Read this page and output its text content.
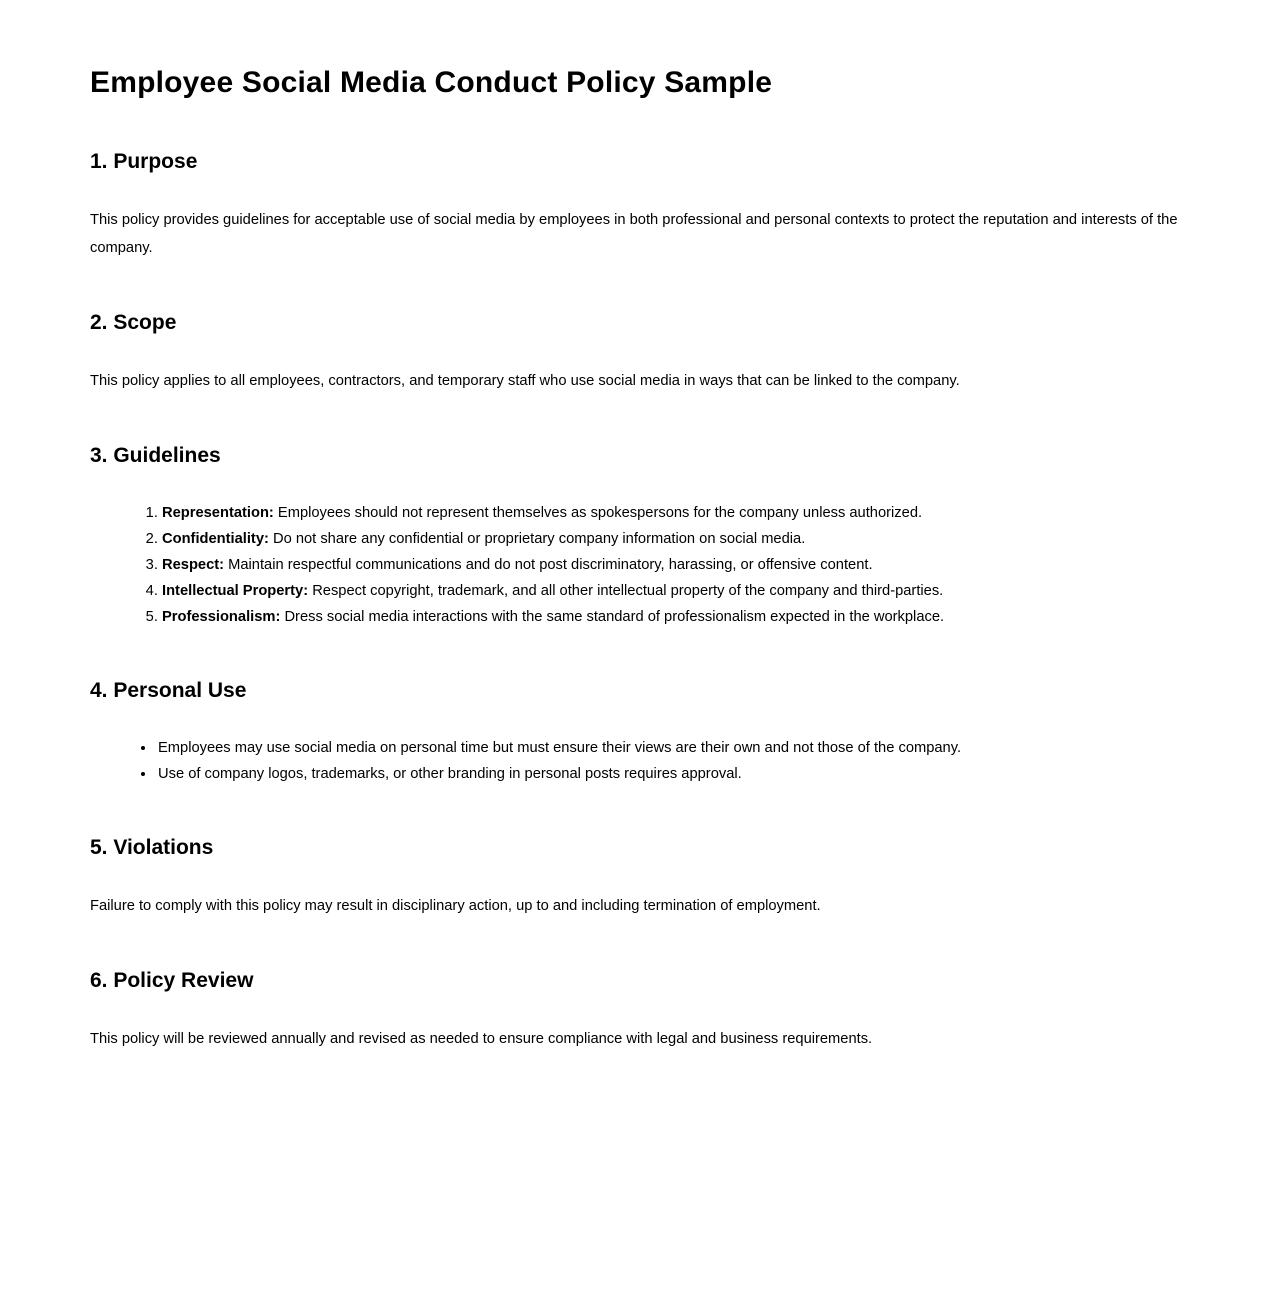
Employee Social Media Conduct Policy Sample
1. Purpose

This policy provides guidelines for acceptable use of social media by employees in both professional and personal contexts to protect the reputation and interests of the company.

2. Scope

This policy applies to all employees, contractors, and temporary staff who use social media in ways that can be linked to the company.

3. Guidelines
1. Representation: Employees should not represent themselves as spokespersons for the company unless authorized.
2. Confidentiality: Do not share any confidential or proprietary company information on social media.
3. Respect: Maintain respectful communications and do not post discriminatory, harassing, or offensive content.
4. Intellectual Property: Respect copyright, trademark, and all other intellectual property of the company and third-parties.
5. Professionalism: Dress social media interactions with the same standard of professionalism expected in the workplace.
4. Personal Use
• Employees may use social media on personal time but must ensure their views are their own and not those of the company.
• Use of company logos, trademarks, or other branding in personal posts requires approval.
5. Violations

Failure to comply with this policy may result in disciplinary action, up to and including termination of employment.

6. Policy Review

This policy will be reviewed annually and revised as needed to ensure compliance with legal and business requirements.
